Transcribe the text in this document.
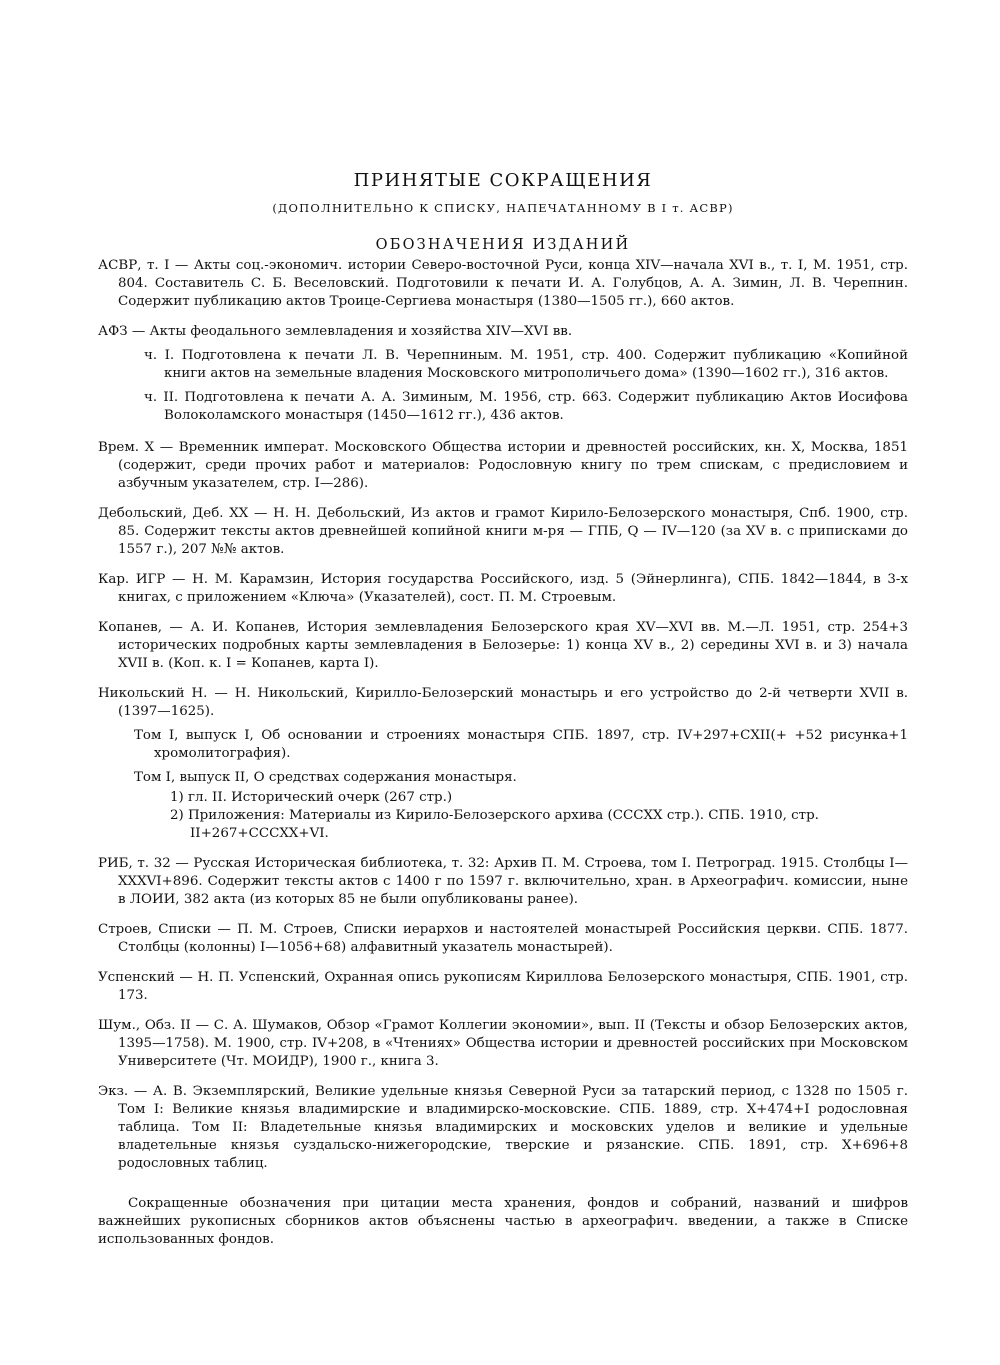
ПРИНЯТЫЕ СОКРАЩЕНИЯ
(ДОПОЛНИТЕЛЬНО К СПИСКУ, НАПЕЧАТАННОМУ В I т. АСВР)
ОБОЗНАЧЕНИЯ ИЗДАНИЙ

АСВР, т. I — Акты соц.-экономич. истории Северо-восточной Руси, конца XIV—начала XVI в., т. I, М. 1951, стр. 804. Составитель С. Б. Веселовский. Подготовили к печати И. А. Голубцов, А. А. Зимин, Л. В. Черепнин. Содержит публикацию актов Троице-Сергиева монастыря (1380—1505 гг.), 660 актов.

АФЗ — Акты феодального землевладения и хозяйства XIV—XVI вв.

ч. I. Подготовлена к печати Л. В. Черепниным. М. 1951, стр. 400. Содержит публикацию «Копийной книги актов на земельные владения Московского митрополичьего дома» (1390—1602 гг.), 316 актов.

ч. II. Подготовлена к печати А. А. Зиминым, М. 1956, стр. 663. Содержит публикацию Актов Иосифова Волоколамского монастыря (1450—1612 гг.), 436 актов.

Врем. X — Временник императ. Московского Общества истории и древностей российских, кн. X, Москва, 1851 (содержит, среди прочих работ и материалов: Родословную книгу по трем спискам, с предисловием и азбучным указателем, стр. I—286).

Дебольский, Деб. XX — Н. Н. Дебольский, Из актов и грамот Кирило-Белозерского монастыря, Спб. 1900, стр. 85. Содержит тексты актов древнейшей копийной книги м-ря — ГПБ, Q — IV—120 (за XV в. с приписками до 1557 г.), 207 №№ актов.

Кар. ИГР — Н. М. Карамзин, История государства Российского, изд. 5 (Эйнерлинга), СПБ. 1842—1844, в 3-х книгах, с приложением «Ключа» (Указателей), сост. П. М. Строевым.

Копанев, — А. И. Копанев, История землевладения Белозерского края XV—XVI вв. М.—Л. 1951, стр. 254+3 исторических подробных карты землевладения в Белозерье: 1) конца XV в., 2) середины XVI в. и 3) начала XVII в. (Коп. к. I = Копанев, карта I).

Никольский Н. — Н. Никольский, Кирилло-Белозерский монастырь и его устройство до 2-й четверти XVII в. (1397—1625).

Том I, выпуск I, Об основании и строениях монастыря СПБ. 1897, стр. IV+297+CXII(+ +52 рисунка+1 хромолитография).

Том I, выпуск II, О средствах содержания монастыря.

1) гл. II. Исторический очерк (267 стр.)

2) Приложения: Материалы из Кирило-Белозерского архива (CCCXX стр.). СПБ. 1910, стр. II+267+CCCXX+VI.

РИБ, т. 32 — Русская Историческая библиотека, т. 32: Архив П. М. Строева, том I. Петроград. 1915. Столбцы I—XXXVI+896. Содержит тексты актов с 1400 г по 1597 г. включительно, хран. в Археографич. комиссии, ныне в ЛОИИ, 382 акта (из которых 85 не были опубликованы ранее).

Строев, Списки — П. М. Строев, Списки иерархов и настоятелей монастырей Российския церкви. СПБ. 1877. Столбцы (колонны) I—1056+68) алфавитный указатель монастырей).

Успенский — Н. П. Успенский, Охранная опись рукописям Кириллова Белозерского монастыря, СПБ. 1901, стр. 173.

Шум., Обз. II — С. А. Шумаков, Обзор «Грамот Коллегии экономии», вып. II (Тексты и обзор Белозерских актов, 1395—1758). М. 1900, стр. IV+208, в «Чтениях» Общества истории и древностей российских при Московском Университете (Чт. МОИДР), 1900 г., книга 3.

Экз. — А. В. Экземплярский, Великие удельные князья Северной Руси за татарский период, с 1328 по 1505 г. Том I: Великие князья владимирские и владимирско-московские. СПБ. 1889, стр. X+474+I родословная таблица. Том II: Владетельные князья владимирских и московских уделов и великие и удельные владетельные князья суздальско-нижегородские, тверские и рязанские. СПБ. 1891, стр. X+696+8 родословных таблиц.

Сокращенные обозначения при цитации места хранения, фондов и собраний, названий и шифров важнейших рукописных сборников актов объяснены частью в археографич. введении, а также в Списке использованных фондов.
